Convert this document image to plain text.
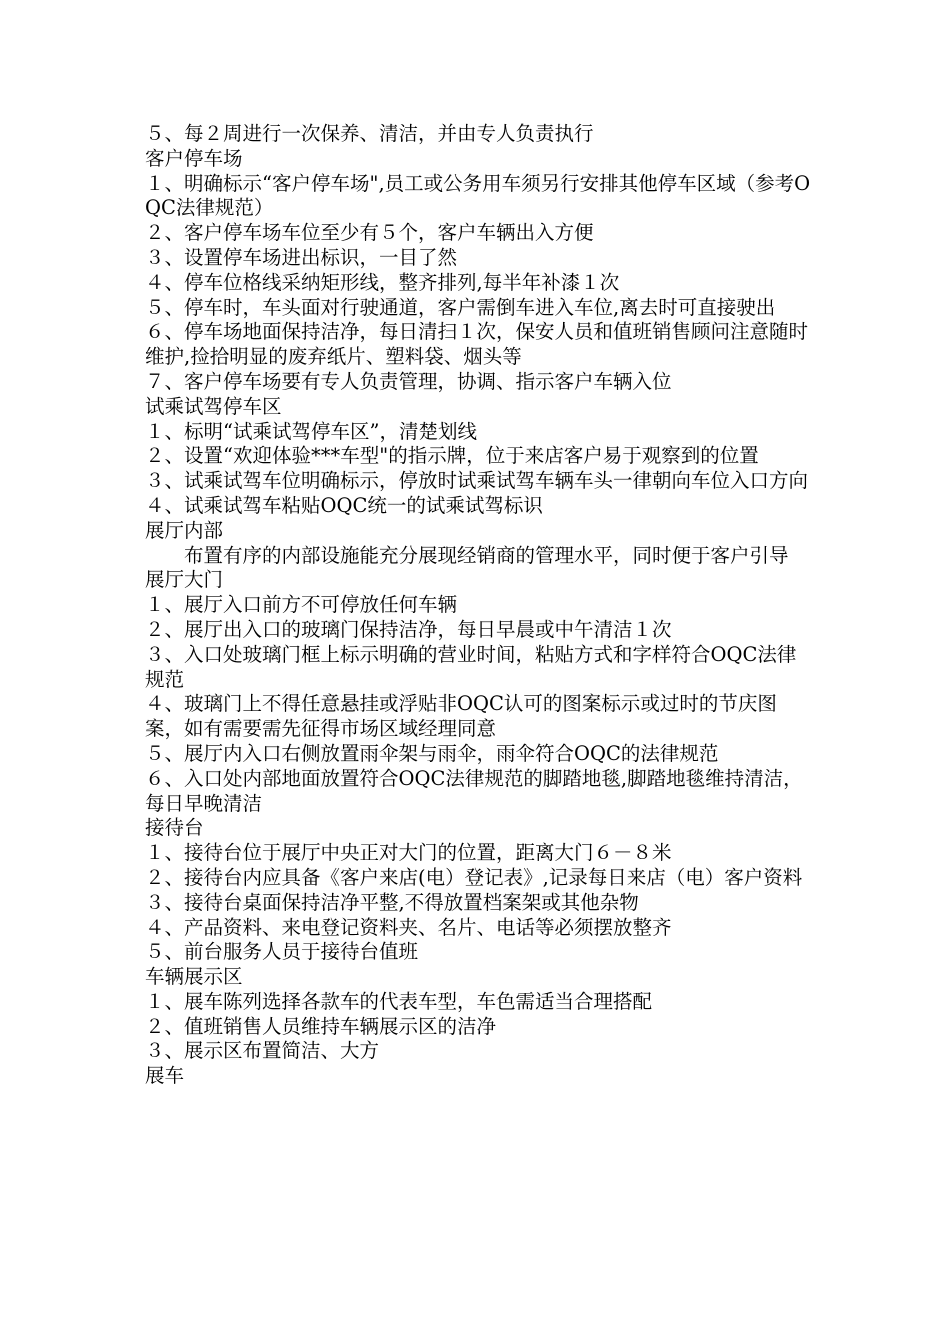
５、每２周进行一次保养、清洁，并由专人负责执行
客户停车场
１、明确标示“客户停车场",员工或公务用车须另行安排其他停车区域（参考OQC法律规范）
２、客户停车场车位至少有５个，客户车辆出入方便
３、设置停车场进出标识，一目了然
４、停车位格线采纳矩形线，整齐排列,每半年补漆１次
５、停车时，车头面对行驶通道，客户需倒车进入车位,离去时可直接驶出
６、停车场地面保持洁净，每日清扫１次，保安人员和值班销售顾问注意随时维护,捡拾明显的废弃纸片、塑料袋、烟头等
７、客户停车场要有专人负责管理，协调、指示客户车辆入位
试乘试驾停车区
１、标明“试乘试驾停车区”，清楚划线
２、设置“欢迎体验***车型"的指示牌，位于来店客户易于观察到的位置
３、试乘试驾车位明确标示，停放时试乘试驾车辆车头一律朝向车位入口方向
４、试乘试驾车粘贴OQC统一的试乘试驾标识
展厅内部
布置有序的内部设施能充分展现经销商的管理水平，同时便于客户引导
展厅大门
１、展厅入口前方不可停放任何车辆
２、展厅出入口的玻璃门保持洁净，每日早晨或中午清洁１次
３、入口处玻璃门框上标示明确的营业时间，粘贴方式和字样符合OQC法律规范
４、玻璃门上不得任意悬挂或浮贴非OQC认可的图案标示或过时的节庆图案，如有需要需先征得市场区域经理同意
５、展厅内入口右侧放置雨伞架与雨伞，雨伞符合OQC的法律规范
６、入口处内部地面放置符合OQC法律规范的脚踏地毯,脚踏地毯维持清洁，每日早晚清洁
接待台
１、接待台位于展厅中央正对大门的位置，距离大门６－８米
２、接待台内应具备《客户来店(电）登记表》,记录每日来店（电）客户资料
３、接待台桌面保持洁净平整,不得放置档案架或其他杂物
４、产品资料、来电登记资料夹、名片、电话等必须摆放整齐
５、前台服务人员于接待台值班
车辆展示区
１、展车陈列选择各款车的代表车型，车色需适当合理搭配
２、值班销售人员维持车辆展示区的洁净
３、展示区布置简洁、大方
展车
